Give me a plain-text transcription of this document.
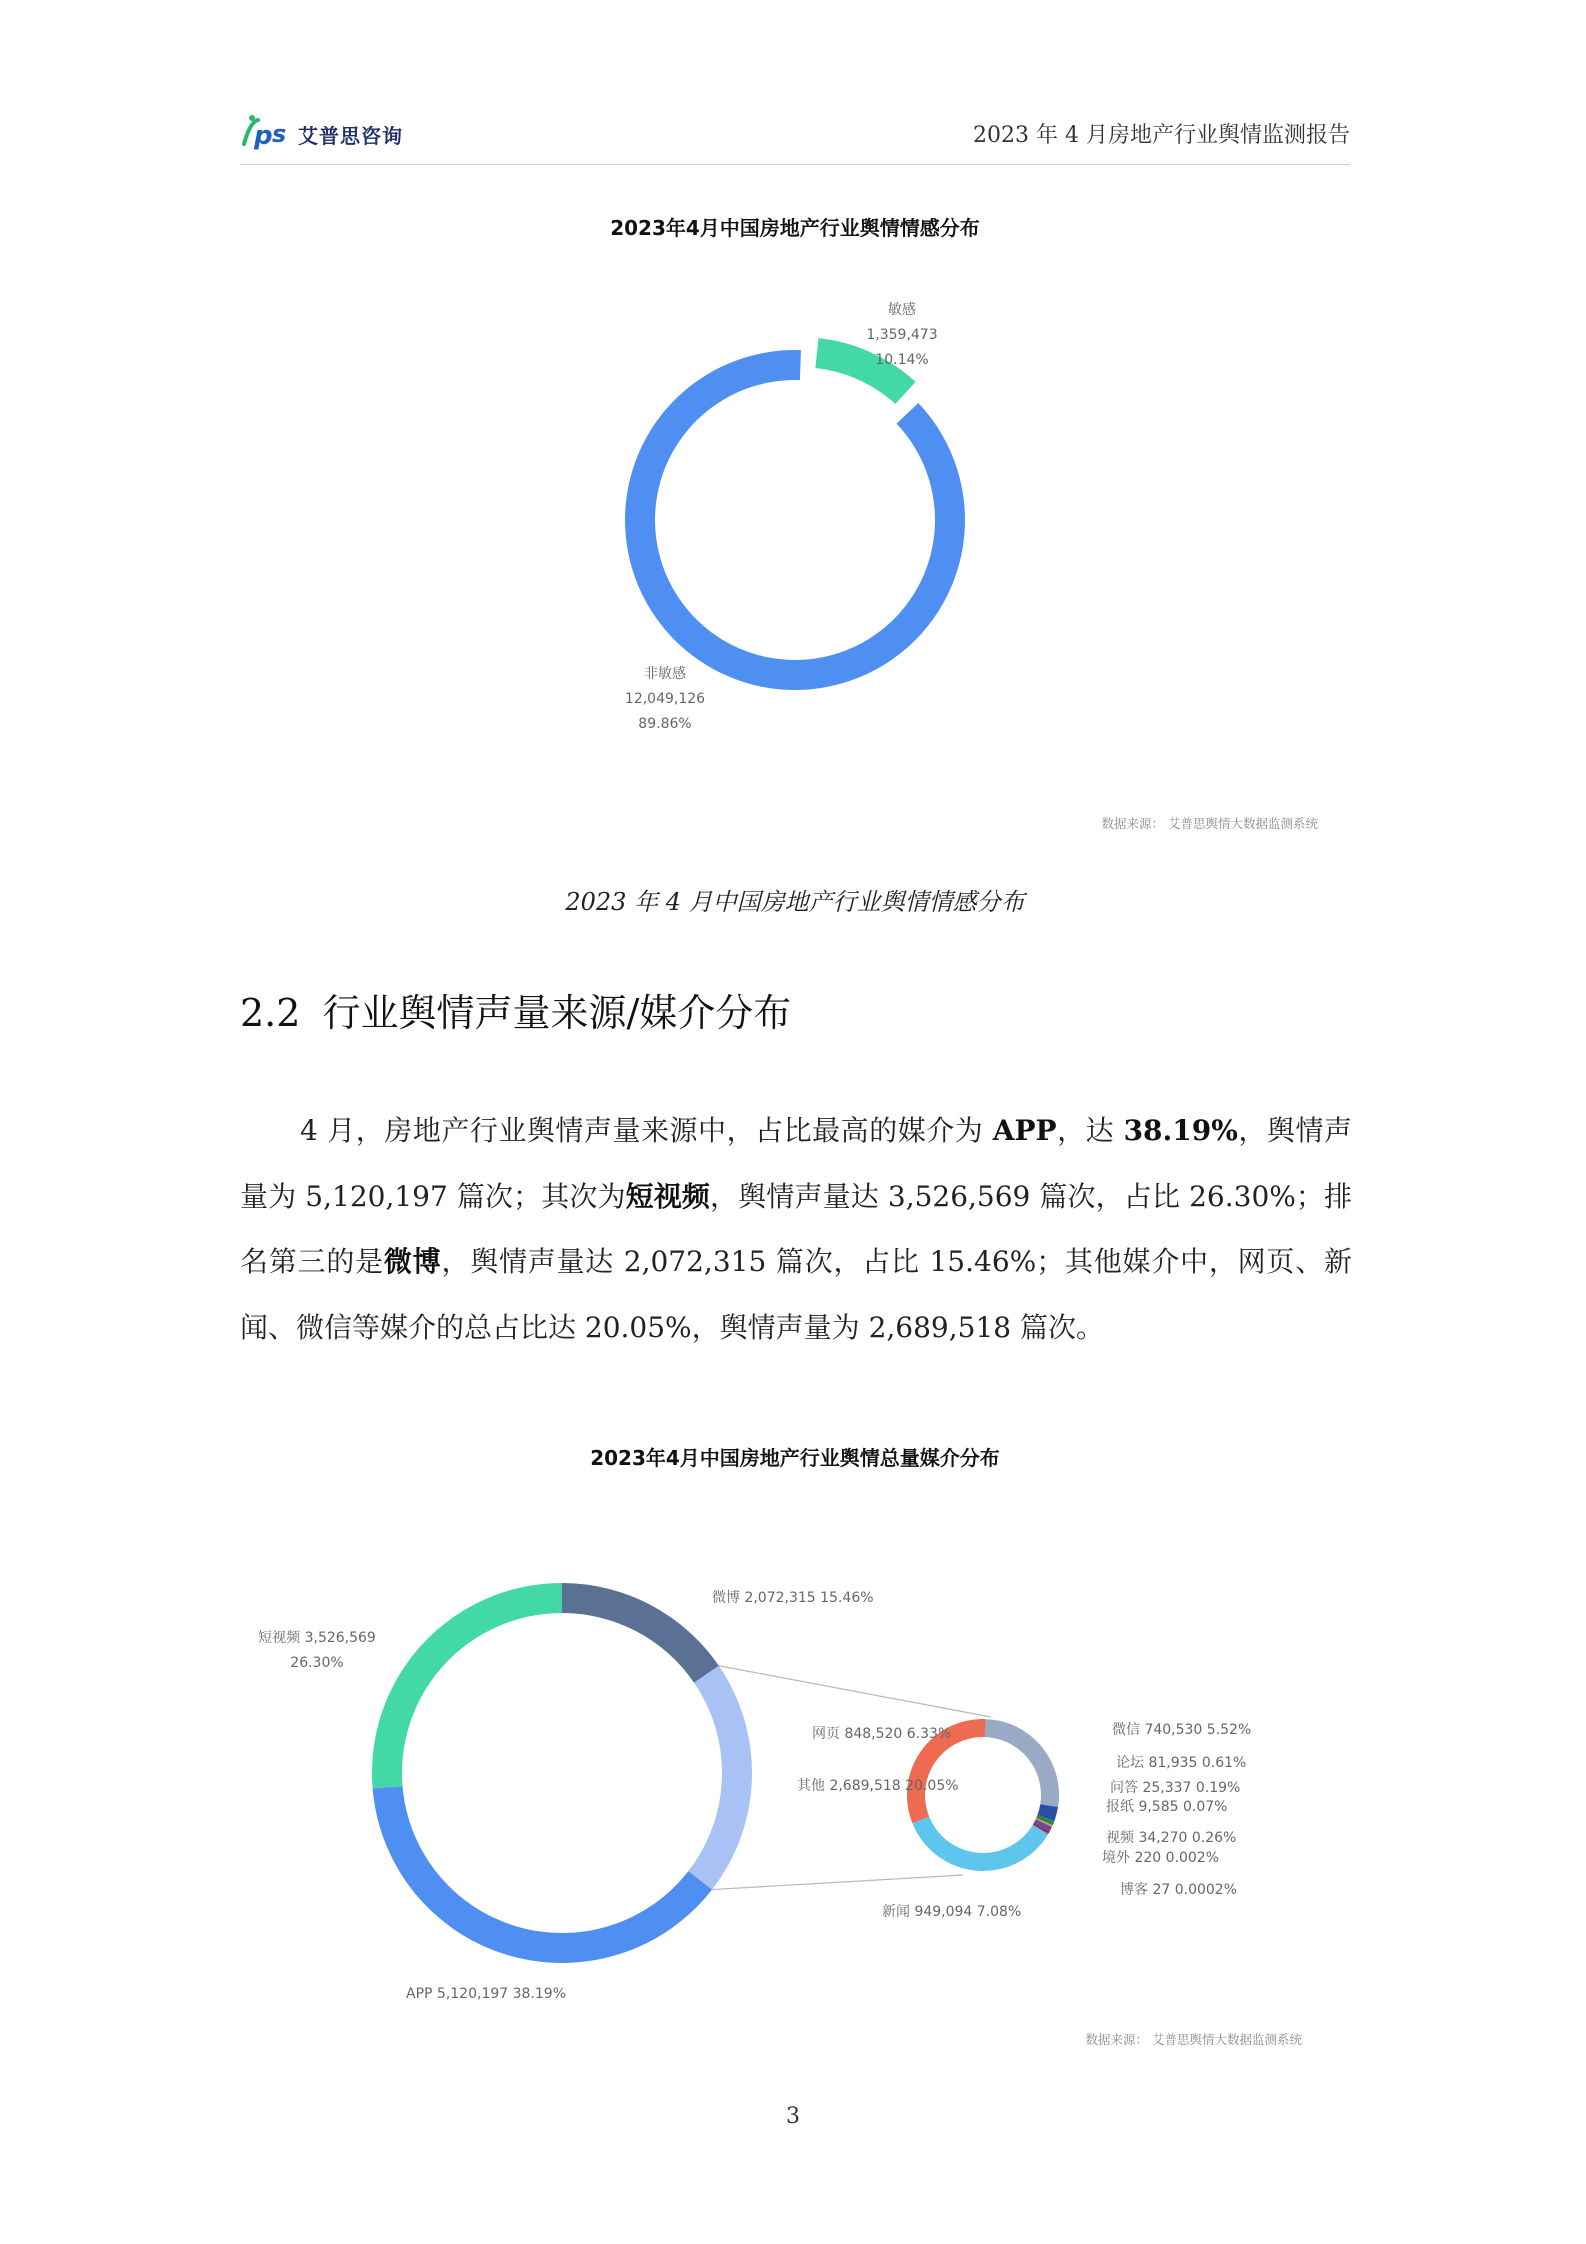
p s 艾普思咨询	2023 年 4 月房地产行业舆情监测报告
2023年4月中国房地产行业舆情情感分布
敏感
1,359,473
10.14%
非敏感
12,049,126
89.86%
数据来源： 艾普思舆情大数据监测系统
2023 年 4 月中国房地产行业舆情情感分布
2.2 行业舆情声量来源/媒介分布
4 月，房地产行业舆情声量来源中，占比最高的媒介为 APP，达 38.19%，舆情声量为 5,120,197 篇次；其次为短视频，舆情声量达 3,526,569 篇次，占比 26.30%；排名第三的是微博，舆情声量达 2,072,315 篇次，占比 15.46%；其他媒介中，网页、新闻、微信等媒介的总占比达 20.05%，舆情声量为 2,689,518 篇次。
2023年4月中国房地产行业舆情总量媒介分布
微博 2,072,315 15.46%
短视频 3,526,569
26.30%
其他 2,689,518 20.05%
APP 5,120,197 38.19%
网页 848,520 6.33%
新闻 949,094 7.08%
微信 740,530 5.52%
论坛 81,935 0.61%
问答 25,337 0.19%
报纸 9,585 0.07%
视频 34,270 0.26%
境外 220 0.002%
博客 27 0.0002%
数据来源： 艾普思舆情大数据监测系统
3
